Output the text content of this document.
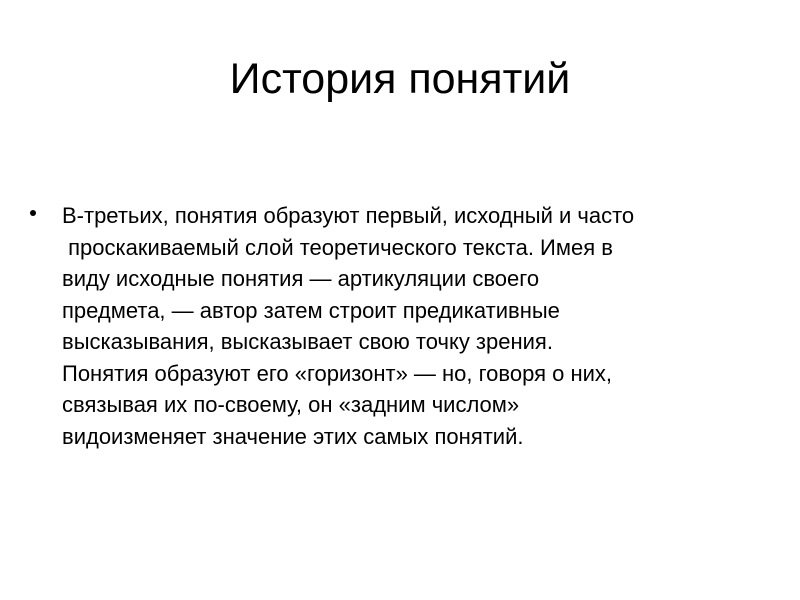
История понятий
В-третьих, понятия образуют первый, исходный и часто
проскакиваемый слой теоретического текста. Имея в
виду исходные понятия — артикуляции своего
предмета, — автор затем строит предикативные
высказывания, высказывает свою точку зрения.
Понятия образуют его «горизонт» — но, говоря о них,
связывая их по-своему, он «задним числом»
видоизменяет значение этих самых понятий.
